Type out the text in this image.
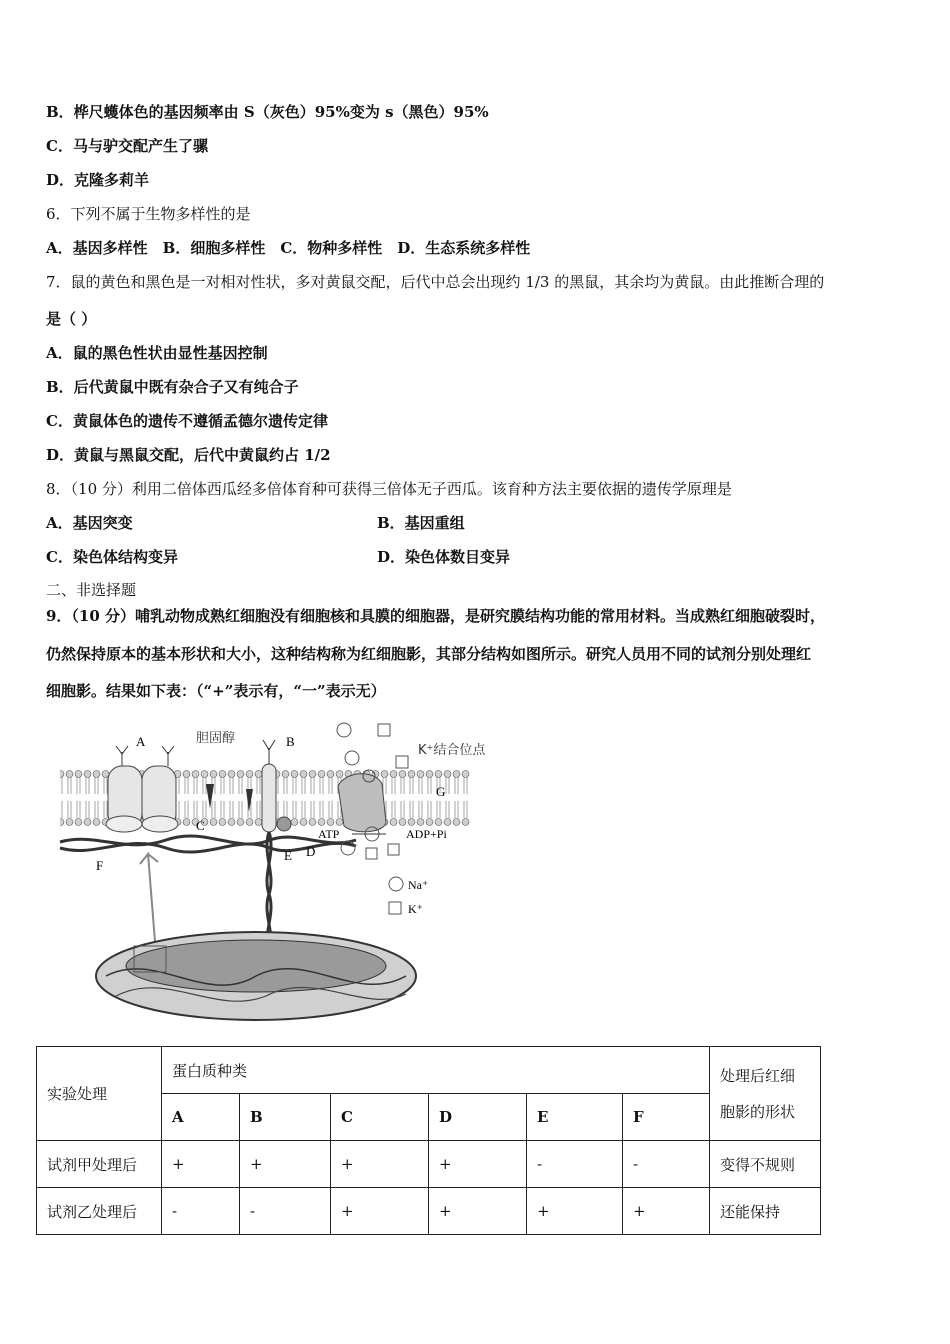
B．桦尺蠖体色的基因频率由 S（灰色）95%变为 s（黑色）95%
C．马与驴交配产生了骡
D．克隆多莉羊
6．下列不属于生物多样性的是
A．基因多样性　B．细胞多样性　C．物种多样性　D．生态系统多样性
7．鼠的黄色和黑色是一对相对性状，多对黄鼠交配，后代中总会出现约 1/3 的黑鼠，其余均为黄鼠。由此推断合理的
是（ ）
A．鼠的黑色性状由显性基因控制
B．后代黄鼠中既有杂合子又有纯合子
C．黄鼠体色的遗传不遵循孟德尔遗传定律
D．黄鼠与黑鼠交配，后代中黄鼠约占 1/2
8．（10 分）利用二倍体西瓜经多倍体育种可获得三倍体无子西瓜。该育种方法主要依据的遗传学原理是
A．基因突变	B．基因重组
C．染色体结构变异	D．染色体数目变异
二、非选择题
9．（10 分）哺乳动物成熟红细胞没有细胞核和具膜的细胞器，是研究膜结构功能的常用材料。当成熟红细胞破裂时，
仍然保持原本的基本形状和大小，这种结构称为红细胞影，其部分结构如图所示。研究人员用不同的试剂分别处理红
细胞影。结果如下表：（“+”表示有，“一”表示无）
A	B
C
D
E
F
G
胆固醇
K⁺结合位点
ATP	ADP+Pi
Na⁺
K⁺
实验处理	蛋白质种类						处理后红细
胞影的形状
	A	B	C	D	E	F	
试剂甲处理后	+	+	+	+	-	-	变得不规则
试剂乙处理后	-	-	+	+	+	+	还能保持
